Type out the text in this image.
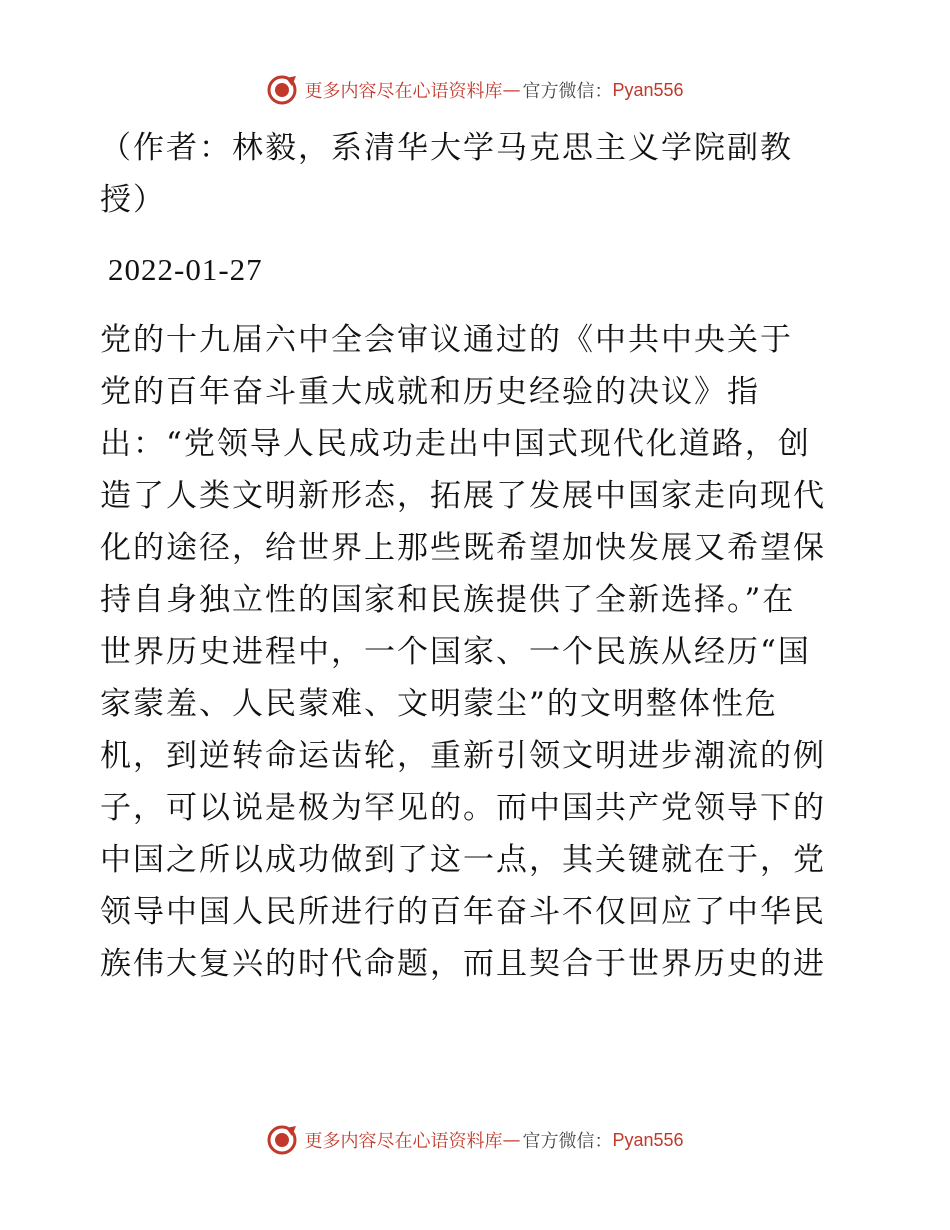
更多内容尽在心语资料库 — 官方微信： Pyan556
（作者：林毅，系清华大学马克思主义学院副教
授）
2022-01-27
党的十九届六中全会审议通过的《中共中央关于
党的百年奋斗重大成就和历史经验的决议》指
出：“党领导人民成功走出中国式现代化道路，创
造了人类文明新形态，拓展了发展中国家走向现代
化的途径，给世界上那些既希望加快发展又希望保
持自身独立性的国家和民族提供了全新选择。”在
世界历史进程中，一个国家、一个民族从经历“国
家蒙羞、人民蒙难、文明蒙尘”的文明整体性危
机，到逆转命运齿轮，重新引领文明进步潮流的例
子，可以说是极为罕见的。而中国共产党领导下的
中国之所以成功做到了这一点，其关键就在于，党
领导中国人民所进行的百年奋斗不仅回应了中华民
族伟大复兴的时代命题，而且契合于世界历史的进
更多内容尽在心语资料库 — 官方微信： Pyan556
